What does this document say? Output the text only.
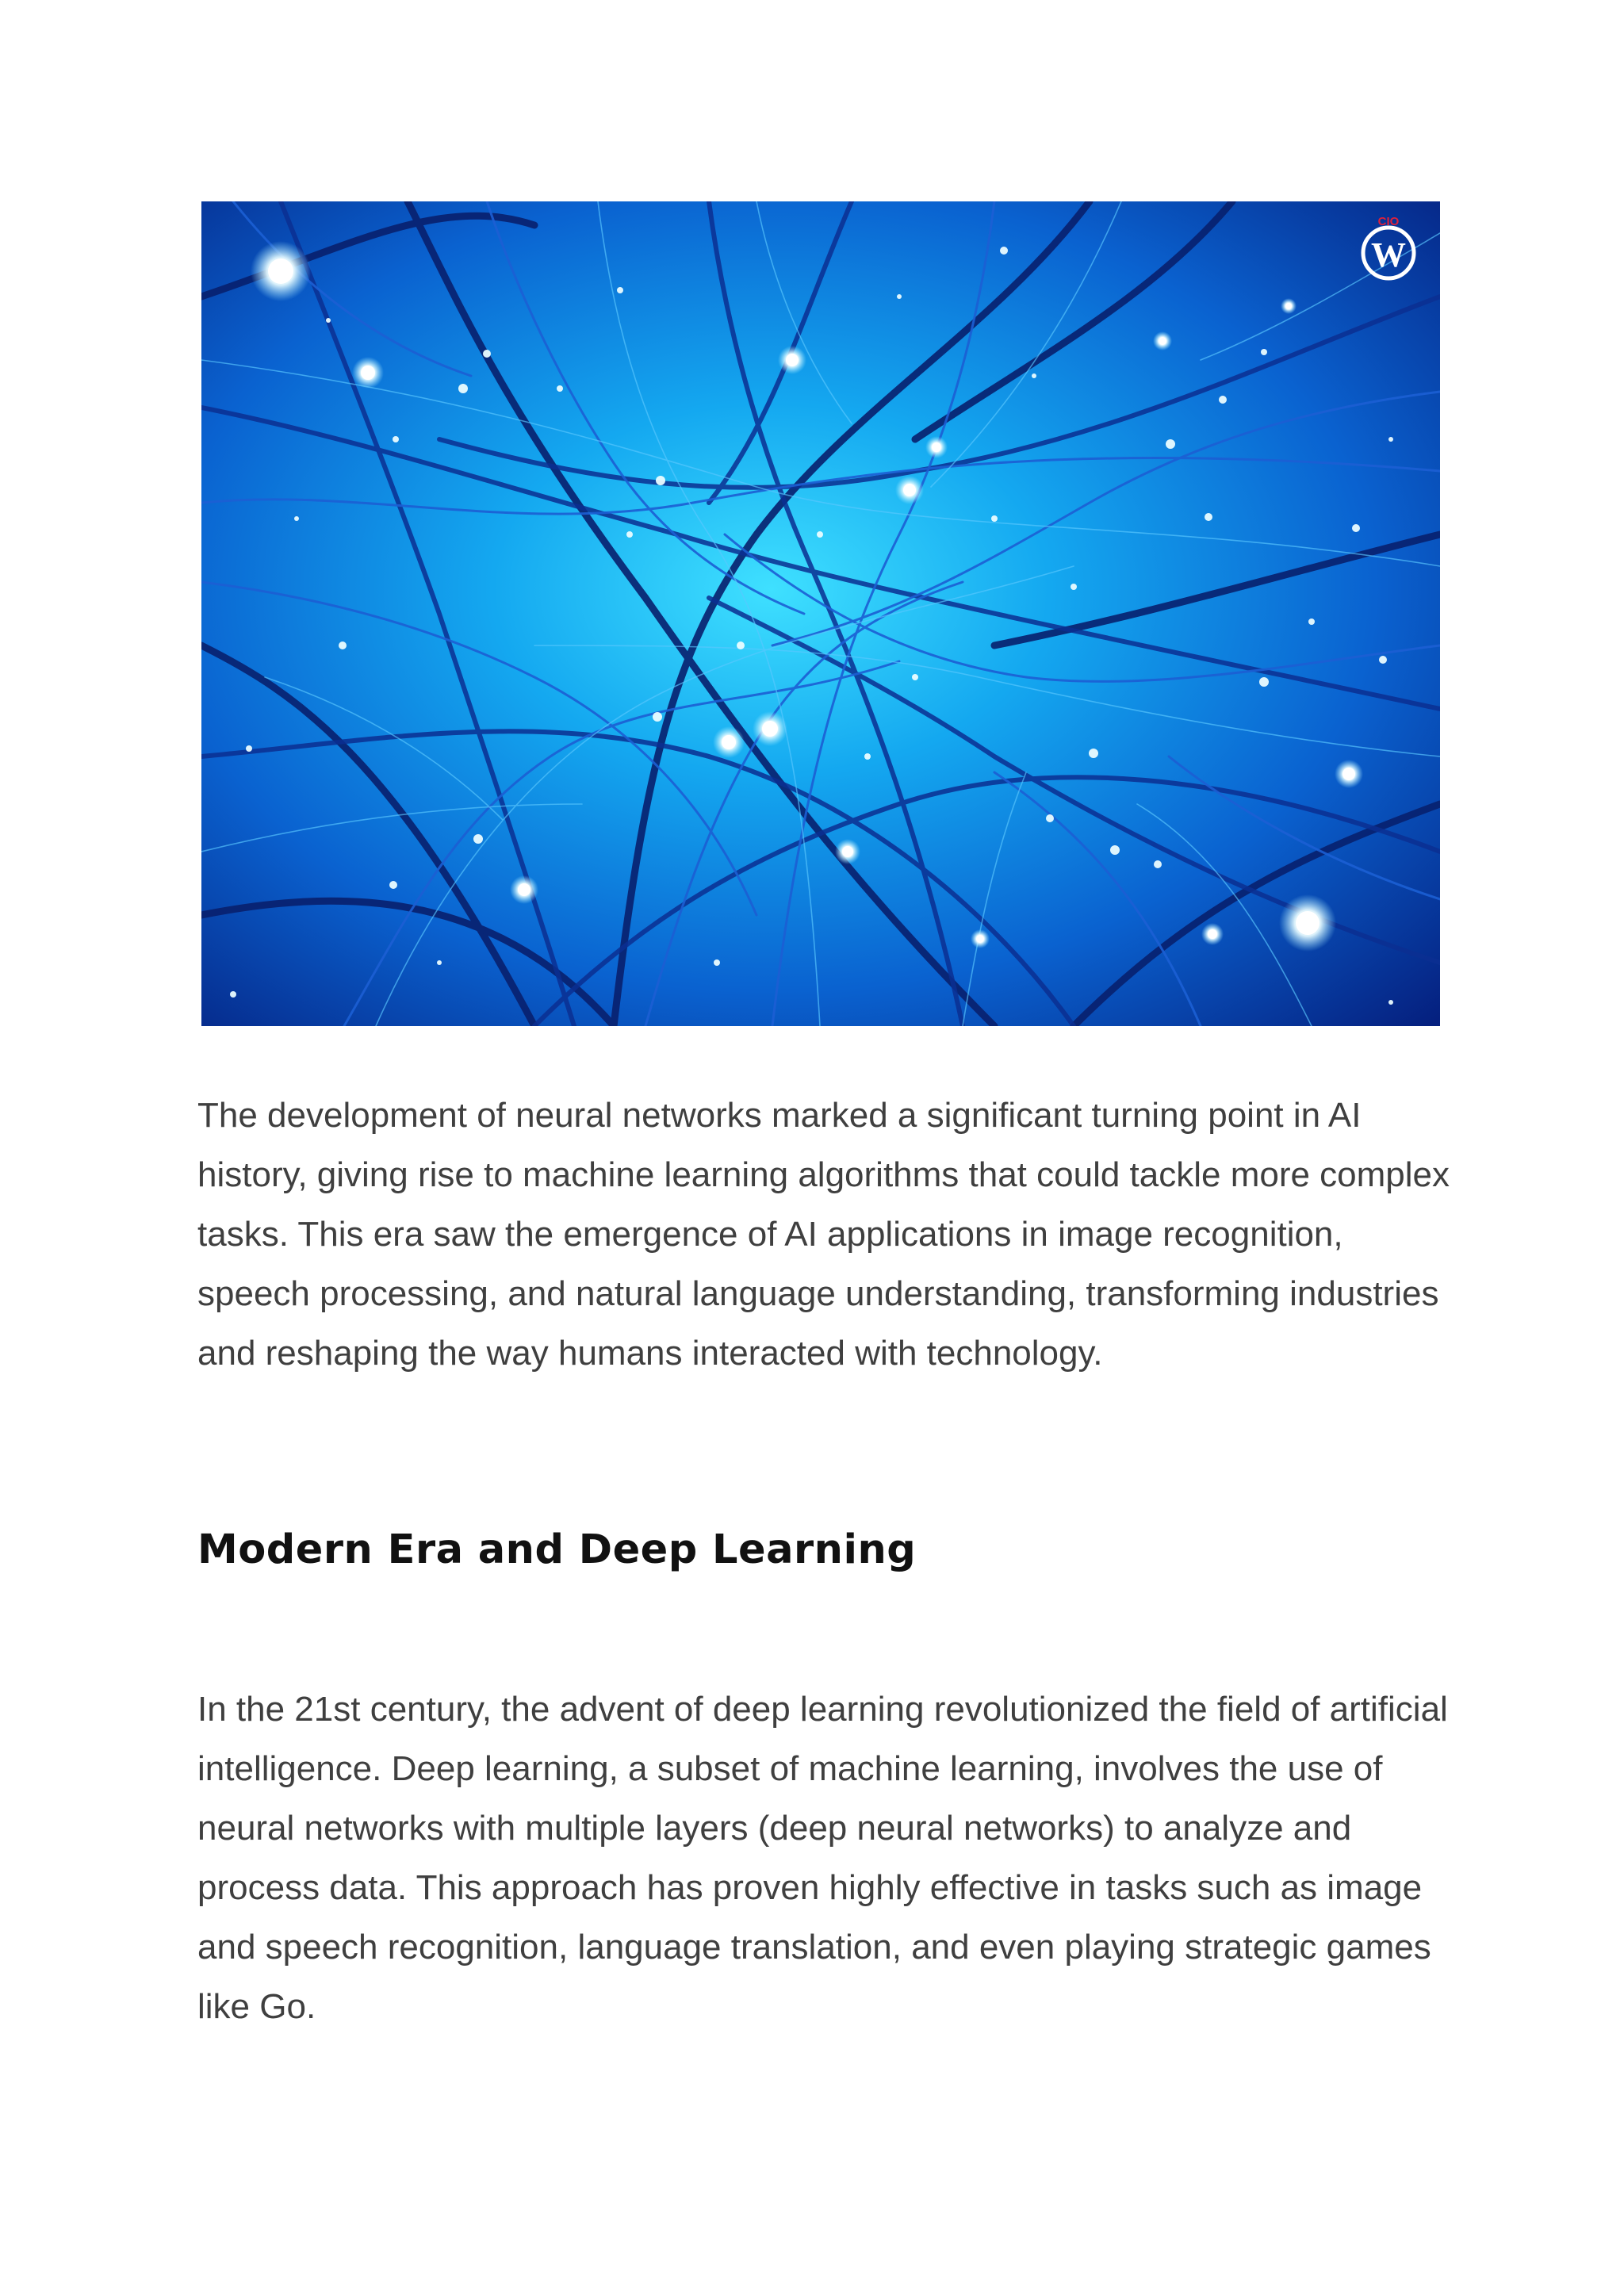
CIO
W

The development of neural networks marked a significant turning point in AI history, giving rise to machine learning algorithms that could tackle more complex tasks. This era saw the emergence of AI applications in image recognition, speech processing, and natural language understanding, transforming industries and reshaping the way humans interacted with technology.

Modern Era and Deep Learning

In the 21st century, the advent of deep learning revolutionized the field of artificial intelligence. Deep learning, a subset of machine learning, involves the use of neural networks with multiple layers (deep neural networks) to analyze and process data. This approach has proven highly effective in tasks such as image and speech recognition, language translation, and even playing strategic games like Go.
